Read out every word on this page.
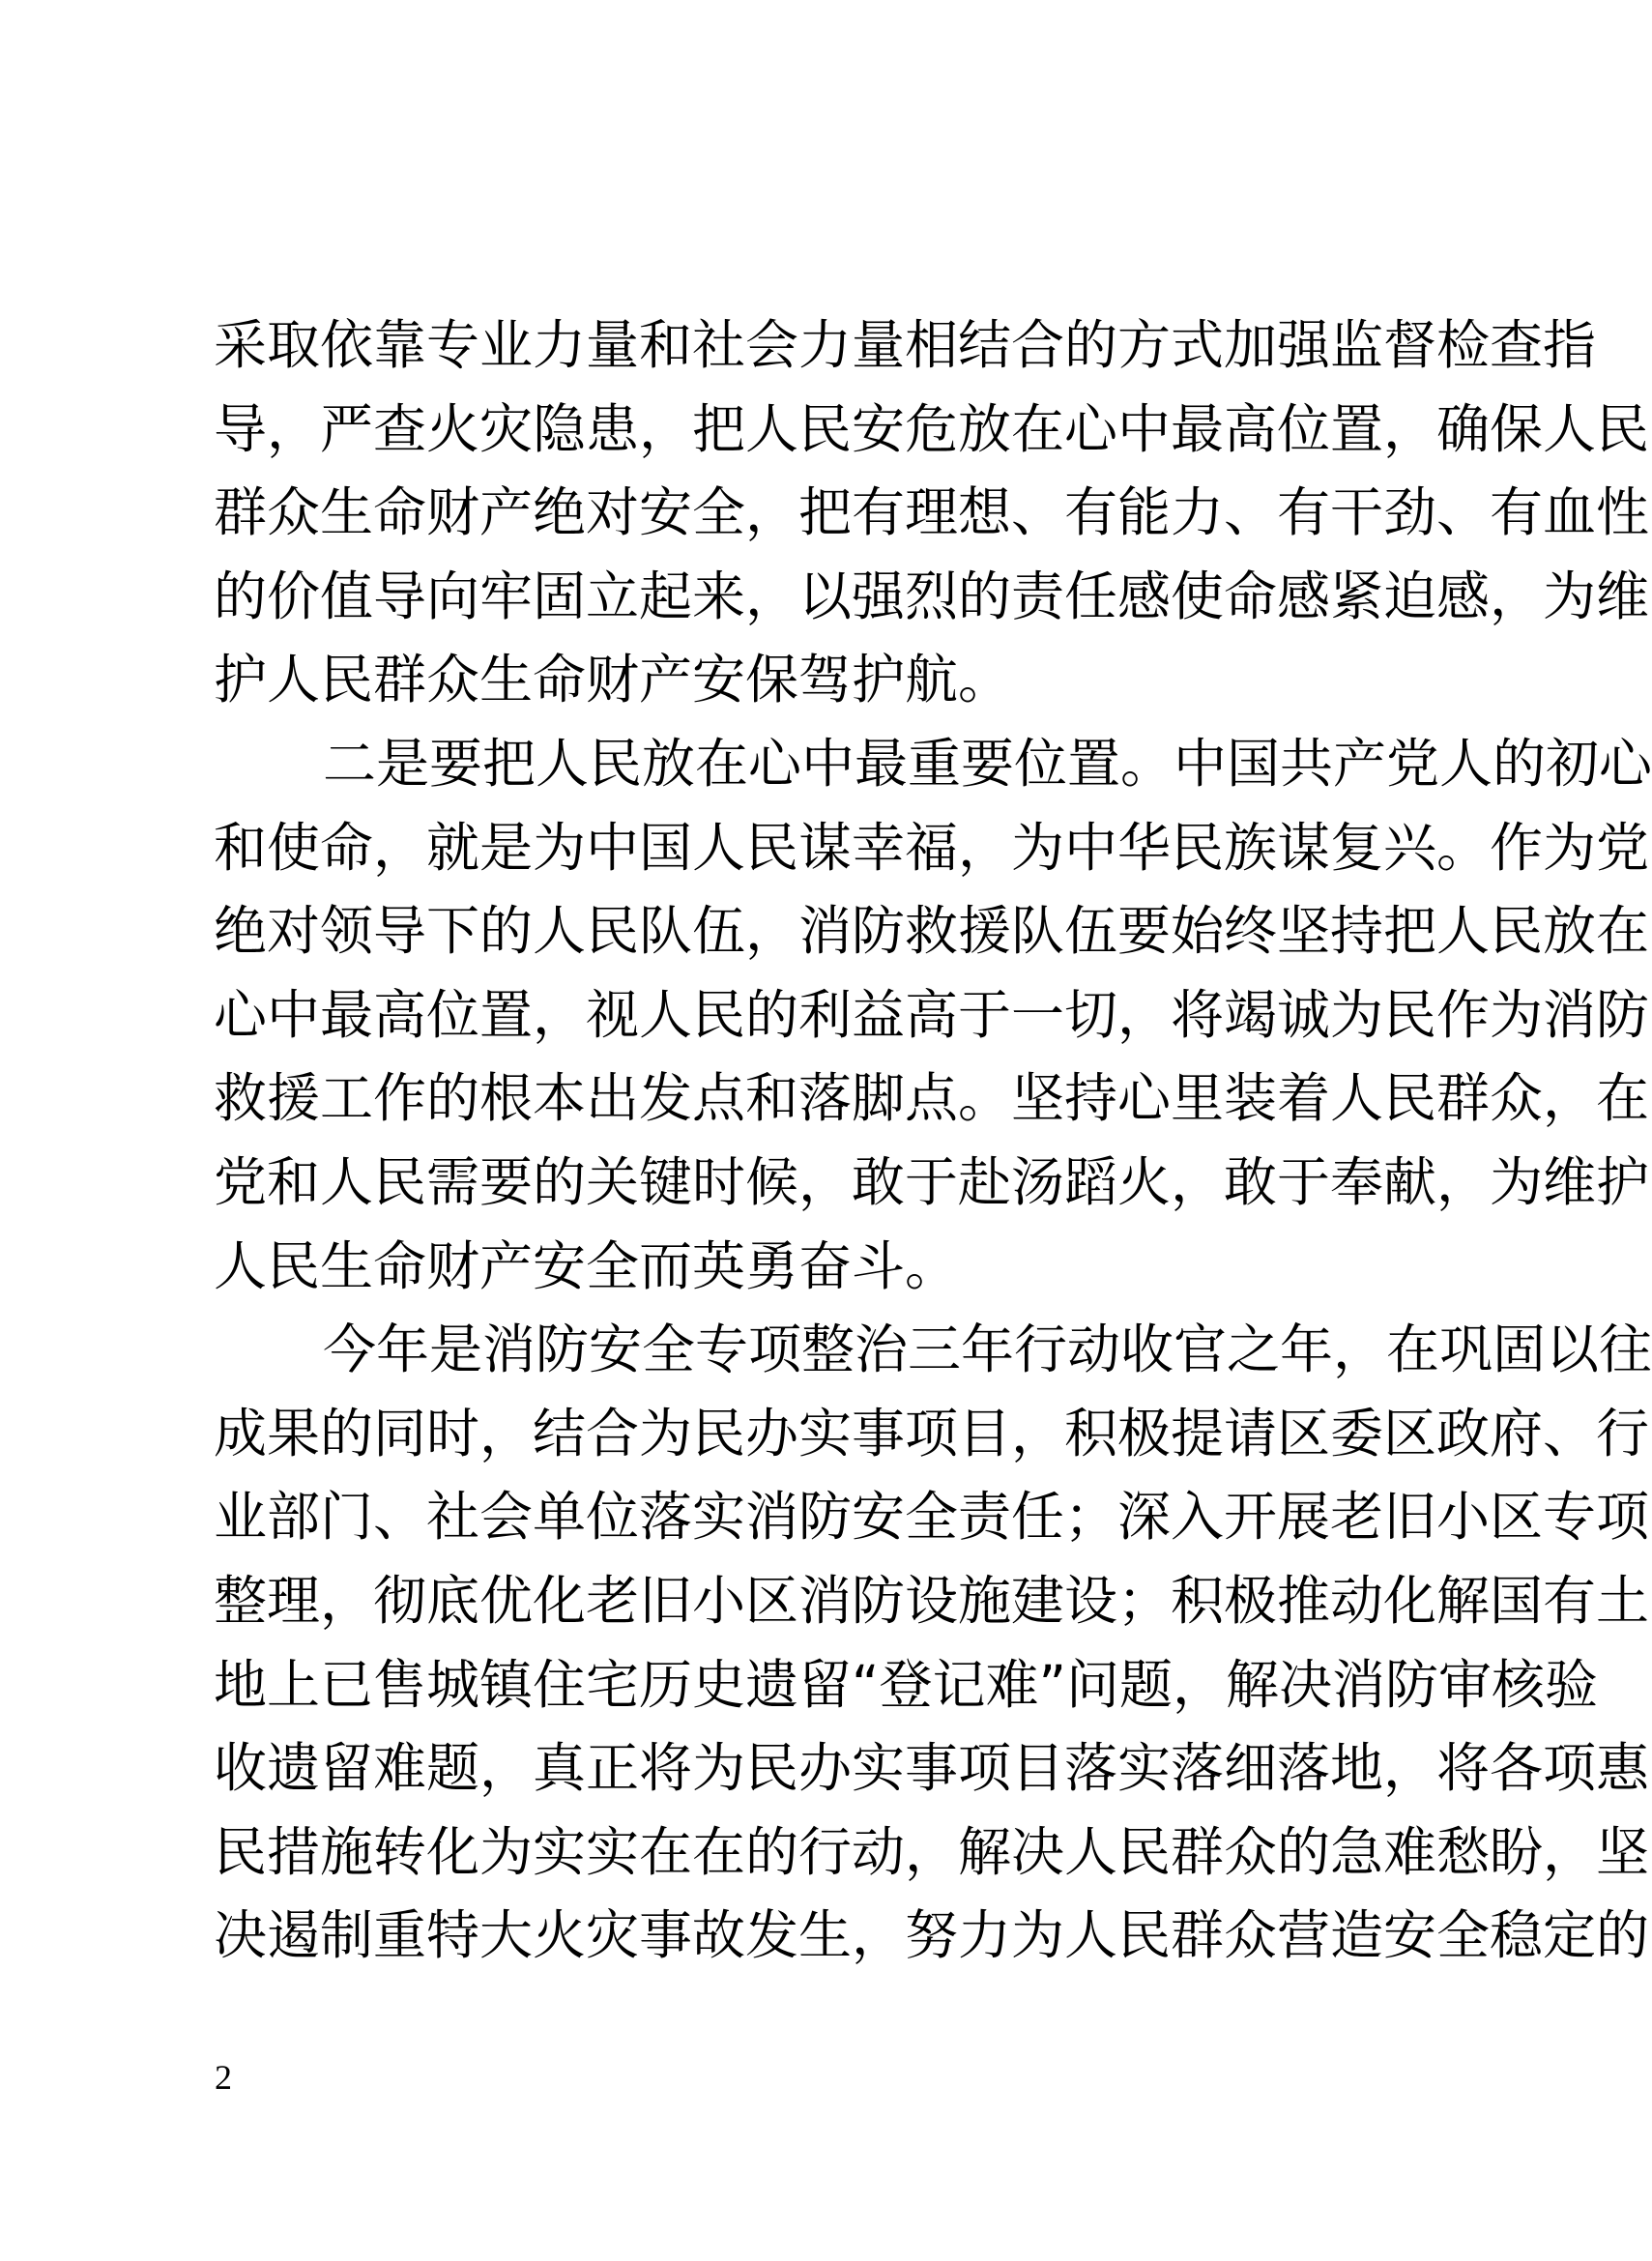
采取依靠专业力量和社会力量相结合的方式加强监督检查指
导，严查火灾隐患，把人民安危放在心中最高位置，确保人民
群众生命财产绝对安全，把有理想、有能力、有干劲、有血性
的价值导向牢固立起来，以强烈的责任感使命感紧迫感，为维
护人民群众生命财产安保驾护航。
二是要把人民放在心中最重要位置。中国共产党人的初心
和使命，就是为中国人民谋幸福，为中华民族谋复兴。作为党
绝对领导下的人民队伍，消防救援队伍要始终坚持把人民放在
心中最高位置，视人民的利益高于一切，将竭诚为民作为消防
救援工作的根本出发点和落脚点。坚持心里装着人民群众，在
党和人民需要的关键时候，敢于赴汤蹈火，敢于奉献，为维护
人民生命财产安全而英勇奋斗。
今年是消防安全专项整治三年行动收官之年，在巩固以往
成果的同时，结合为民办实事项目，积极提请区委区政府、行
业部门、社会单位落实消防安全责任；深入开展老旧小区专项
整理，彻底优化老旧小区消防设施建设；积极推动化解国有土
地上已售城镇住宅历史遗留“登记难”问题，解决消防审核验
收遗留难题，真正将为民办实事项目落实落细落地，将各项惠
民措施转化为实实在在的行动，解决人民群众的急难愁盼，坚
决遏制重特大火灾事故发生，努力为人民群众营造安全稳定的
2
